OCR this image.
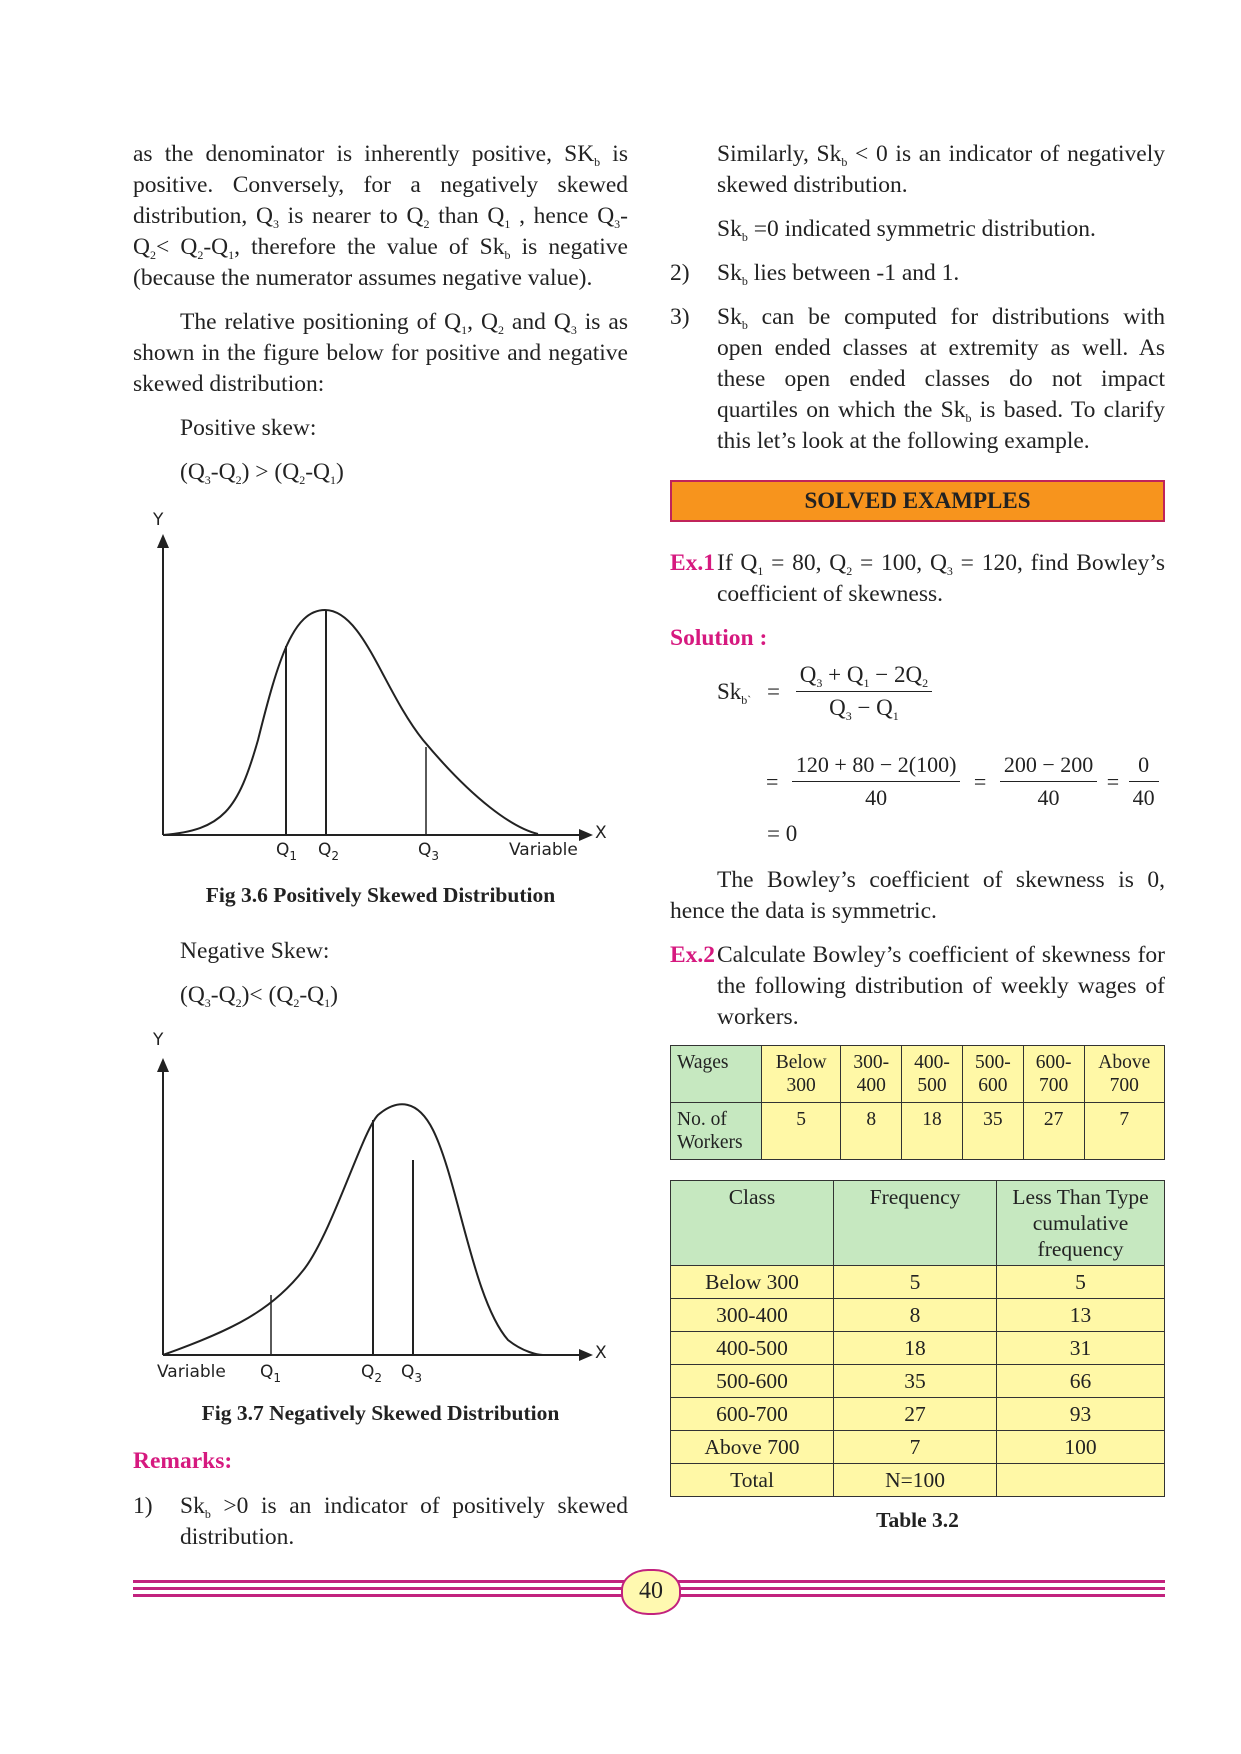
as the denominator is inherently positive, $SK_b$ is positive. Conversely, for a negatively skewed distribution, $Q_3$ is nearer to $Q_2$ than $Q_1$ , hence $Q_3-Q_2< Q_2-Q_1$, therefore the value of $Sk_b$ is negative (because the numerator assumes negative value).

The relative positioning of $Q_1$, $Q_2$ and $Q_3$ is as shown in the figure below for positive and negative skewed distribution:

Positive skew:

$(Q_3-Q_2) > (Q_2-Q_1)$

Y
X
$Q_1$ $Q_2$	$Q_3$	Variable
Fig 3.6 Positively Skewed Distribution

Negative Skew:

$(Q_3-Q_2)< (Q_2-Q_1)$

Y
X
Variable $Q_1$	$Q_2$ $Q_3$
Fig 3.7 Negatively Skewed Distribution

Remarks:

1) $Sk_b >0$ is an indicator of positively skewed distribution.

Similarly, $Sk_b < 0$ is an indicator of negatively skewed distribution.

$Sk_b =0$ indicated symmetric distribution.

2) $Sk_b$ lies between -1 and 1.

3) $Sk_b$ can be computed for distributions with open ended classes at extremity as well. As these open ended classes do not impact quartiles on which the $Sk_b$ is based. To clarify this let’s look at the following example.

SOLVED EXAMPLES
Ex.1 If $Q_1 = 80$, $Q_2 = 100$, $Q_3 = 120$, find Bowley’s coefficient of skewness.

Solution :

$Sk_{b`} = \frac{Q_3 + Q_1 - 2Q_2}{Q_3 - Q_1}$
= $\frac{120 + 80 - 2(100)}{40} = \frac{200 - 200}{40} = \frac{0}{40}$
= 0

The Bowley’s coefficient of skewness is 0, hence the data is symmetric.

Ex.2 Calculate Bowley’s coefficient of skewness for the following distribution of weekly wages of workers.

Wages	Below 300	300-400	400-500	500-600	600-700	Above 700
No. of Workers	5	8	18	35	27	7
Class	Frequency	Less Than Type cumulative frequency
Below 300	5	5
300-400	8	13
400-500	18	31
500-600	35	66
600-700	27	93
Above 700	7	100
Total	N=100	
Table 3.2
40
